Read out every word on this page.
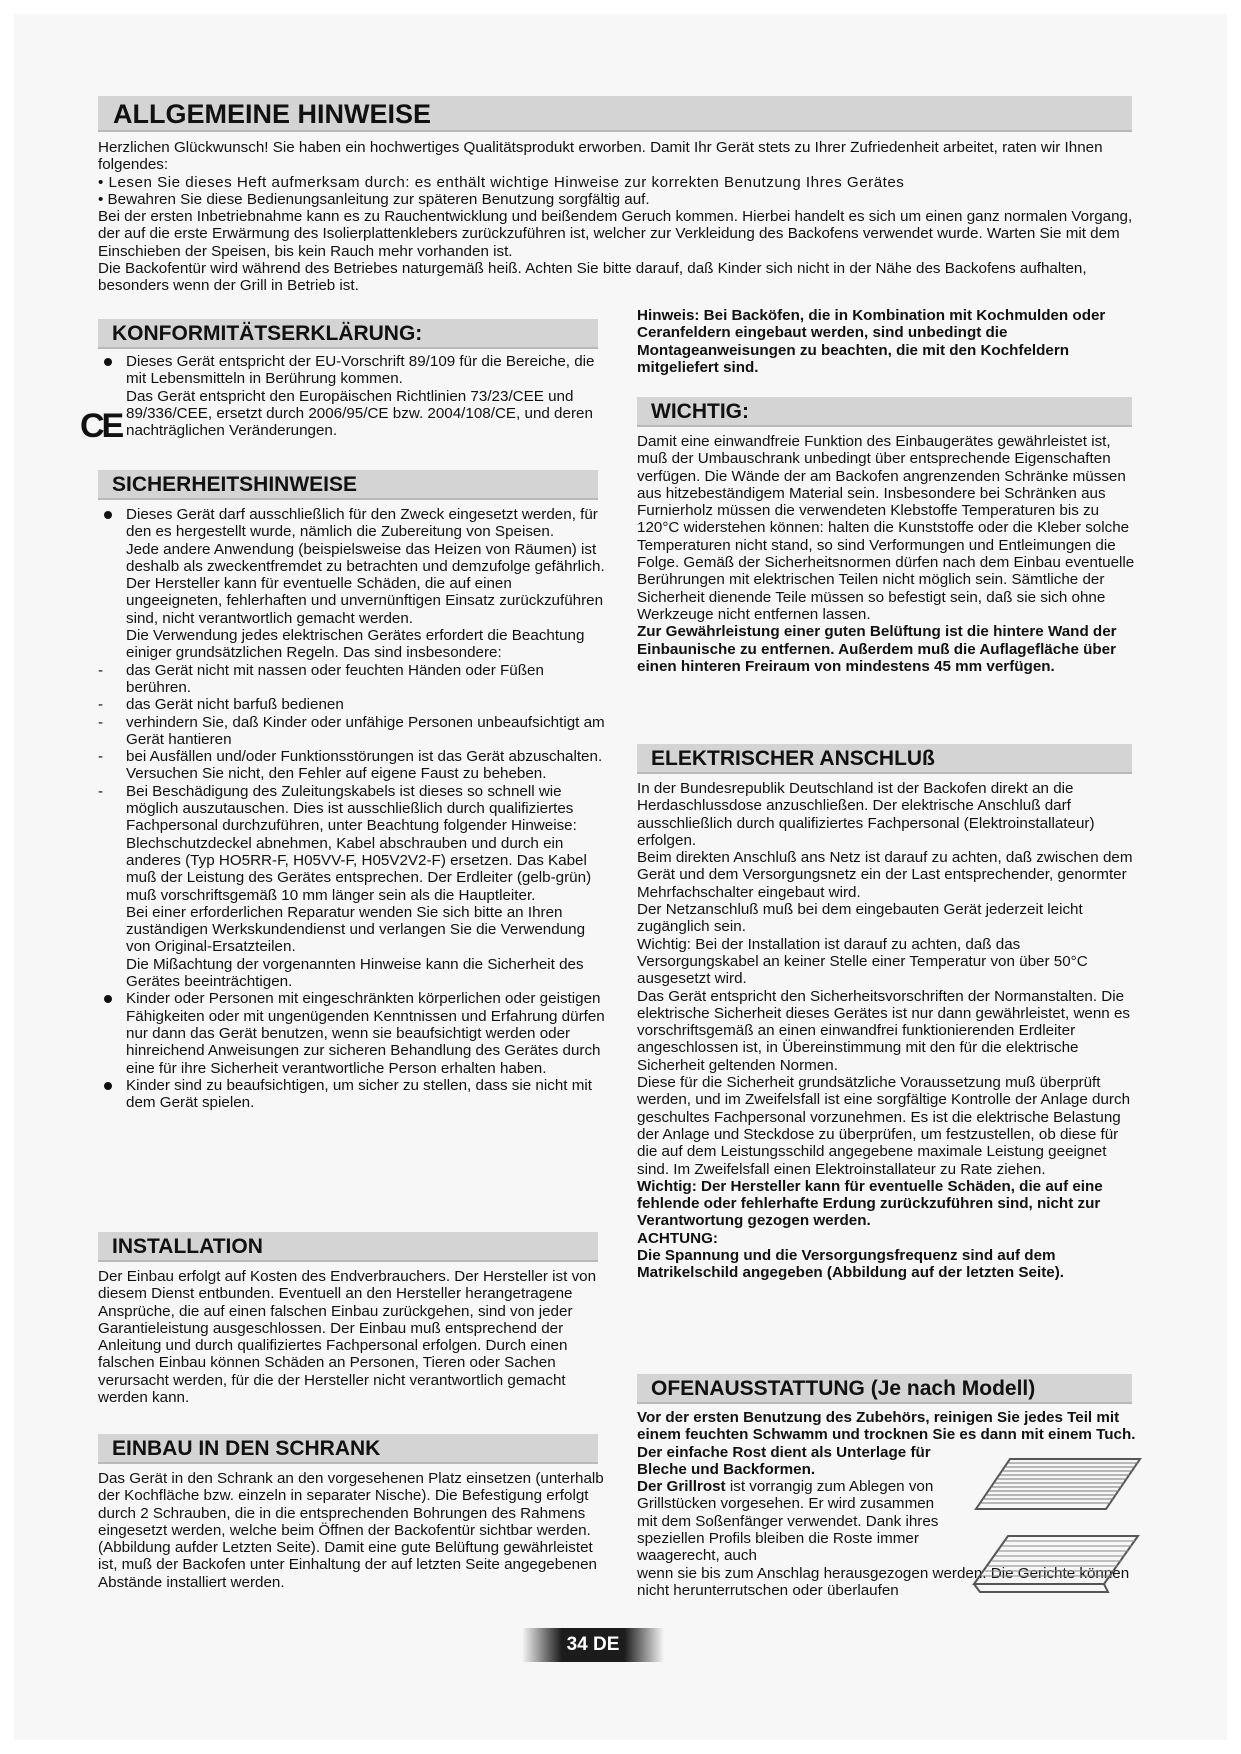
ALLGEMEINE HINWEISE

Herzlichen Glückwunsch! Sie haben ein hochwertiges Qualitätsprodukt erworben. Damit Ihr Gerät stets zu Ihrer Zufriedenheit arbeitet, raten wir Ihnen folgendes:

• Lesen Sie dieses Heft aufmerksam durch: es enthält wichtige Hinweise zur korrekten Benutzung Ihres Gerätes

• Bewahren Sie diese Bedienungsanleitung zur späteren Benutzung sorgfältig auf.

Bei der ersten Inbetriebnahme kann es zu Rauchentwicklung und beißendem Geruch kommen. Hierbei handelt es sich um einen ganz normalen Vorgang, der auf die erste Erwärmung des Isolierplattenklebers zurückzuführen ist, welcher zur Verkleidung des Backofens verwendet wurde. Warten Sie mit dem Einschieben der Speisen, bis kein Rauch mehr vorhanden ist.

Die Backofentür wird während des Betriebes naturgemäß heiß. Achten Sie bitte darauf, daß Kinder sich nicht in der Nähe des Backofens aufhalten, besonders wenn der Grill in Betrieb ist.

KONFORMITÄTSERKLÄRUNG:

Dieses Gerät entspricht der EU-Vorschrift 89/109 für die Bereiche, die mit Lebensmitteln in Berührung kommen.

Das Gerät entspricht den Europäischen Richtlinien 73/23/CEE und 89/336/CEE, ersetzt durch 2006/95/CE bzw. 2004/108/CE, und deren nachträglichen Veränderungen.

CE
SICHERHEITSHINWEISE

Dieses Gerät darf ausschließlich für den Zweck eingesetzt werden, für den es hergestellt wurde, nämlich die Zubereitung von Speisen.

Jede andere Anwendung (beispielsweise das Heizen von Räumen) ist deshalb als zweckentfremdet zu betrachten und demzufolge gefährlich. Der Hersteller kann für eventuelle Schäden, die auf einen ungeeigneten, fehlerhaften und unvernünftigen Einsatz zurückzuführen sind, nicht verantwortlich gemacht werden.

Die Verwendung jedes elektrischen Gerätes erfordert die Beachtung einiger grundsätzlichen Regeln. Das sind insbesondere:

- das Gerät nicht mit nassen oder feuchten Händen oder Füßen berühren.

- das Gerät nicht barfuß bedienen

- verhindern Sie, daß Kinder oder unfähige Personen unbeaufsichtigt am Gerät hantieren

- bei Ausfällen und/oder Funktionsstörungen ist das Gerät abzuschalten. Versuchen Sie nicht, den Fehler auf eigene Faust zu beheben.

- Bei Beschädigung des Zuleitungskabels ist dieses so schnell wie möglich auszutauschen. Dies ist ausschließlich durch qualifiziertes Fachpersonal durchzuführen, unter Beachtung folgender Hinweise: Blechschutzdeckel abnehmen, Kabel abschrauben und durch ein anderes (Typ HO5RR-F, H05VV-F, H05V2V2-F) ersetzen. Das Kabel muß der Leistung des Gerätes entsprechen. Der Erdleiter (gelb-grün) muß vorschriftsgemäß 10 mm länger sein als die Hauptleiter.

Bei einer erforderlichen Reparatur wenden Sie sich bitte an Ihren zuständigen Werkskundendienst und verlangen Sie die Verwendung von Original-Ersatzteilen.

Die Mißachtung der vorgenannten Hinweise kann die Sicherheit des Gerätes beeinträchtigen.

Kinder oder Personen mit eingeschränkten körperlichen oder geistigen Fähigkeiten oder mit ungenügenden Kenntnissen und Erfahrung dürfen nur dann das Gerät benutzen, wenn sie beaufsichtigt werden oder hinreichend Anweisungen zur sicheren Behandlung des Gerätes durch eine für ihre Sicherheit verantwortliche Person erhalten haben.

Kinder sind zu beaufsichtigen, um sicher zu stellen, dass sie nicht mit dem Gerät spielen.

INSTALLATION

Der Einbau erfolgt auf Kosten des Endverbrauchers. Der Hersteller ist von diesem Dienst entbunden. Eventuell an den Hersteller herangetragene Ansprüche, die auf einen falschen Einbau zurückgehen, sind von jeder Garantieleistung ausgeschlossen. Der Einbau muß entsprechend der Anleitung und durch qualifiziertes Fachpersonal erfolgen. Durch einen falschen Einbau können Schäden an Personen, Tieren oder Sachen verursacht werden, für die der Hersteller nicht verantwortlich gemacht werden kann.

EINBAU IN DEN SCHRANK

Das Gerät in den Schrank an den vorgesehenen Platz einsetzen (unterhalb der Kochfläche bzw. einzeln in separater Nische). Die Befestigung erfolgt durch 2 Schrauben, die in die entsprechenden Bohrungen des Rahmens eingesetzt werden, welche beim Öffnen der Backofentür sichtbar werden.(Abbildung aufder Letzten Seite). Damit eine gute Belüftung gewährleistet ist, muß der Backofen unter Einhaltung der auf letzten Seite angegebenen Abstände installiert werden.

Hinweis: Bei Backöfen, die in Kombination mit Kochmulden oder Ceranfeldern eingebaut werden, sind unbedingt die Montageanweisungen zu beachten, die mit den Kochfeldern mitgeliefert sind.
WICHTIG:

Damit eine einwandfreie Funktion des Einbaugerätes gewährleistet ist, muß der Umbauschrank unbedingt über entsprechende Eigenschaften verfügen. Die Wände der am Backofen angrenzenden Schränke müssen aus hitzebeständigem Material sein. Insbesondere bei Schränken aus Furnierholz müssen die verwendeten Klebstoffe Temperaturen bis zu 120°C widerstehen können: halten die Kunststoffe oder die Kleber solche Temperaturen nicht stand, so sind Verformungen und Entleimungen die Folge. Gemäß der Sicherheitsnormen dürfen nach dem Einbau eventuelle Berührungen mit elektrischen Teilen nicht möglich sein. Sämtliche der Sicherheit dienende Teile müssen so befestigt sein, daß sie sich ohne Werkzeuge nicht entfernen lassen.

Zur Gewährleistung einer guten Belüftung ist die hintere Wand der Einbaunische zu entfernen. Außerdem muß die Auflagefläche über einen hinteren Freiraum von mindestens 45 mm verfügen.

ELEKTRISCHER ANSCHLUß

In der Bundesrepublik Deutschland ist der Backofen direkt an die Herdaschlussdose anzuschließen. Der elektrische Anschluß darf ausschließlich durch qualifiziertes Fachpersonal (Elektroinstallateur) erfolgen.

Beim direkten Anschluß ans Netz ist darauf zu achten, daß zwischen dem Gerät und dem Versorgungsnetz ein der Last entsprechender, genormter Mehrfachschalter eingebaut wird.

Der Netzanschluß muß bei dem eingebauten Gerät jederzeit leicht zugänglich sein.

Wichtig: Bei der Installation ist darauf zu achten, daß das Versorgungskabel an keiner Stelle einer Temperatur von über 50°C ausgesetzt wird.

Das Gerät entspricht den Sicherheitsvorschriften der Normanstalten. Die elektrische Sicherheit dieses Gerätes ist nur dann gewährleistet, wenn es vorschriftsgemäß an einen einwandfrei funktionierenden Erdleiter angeschlossen ist, in Übereinstimmung mit den für die elektrische Sicherheit geltenden Normen.

Diese für die Sicherheit grundsätzliche Voraussetzung muß überprüft werden, und im Zweifelsfall ist eine sorgfältige Kontrolle der Anlage durch geschultes Fachpersonal vorzunehmen. Es ist die elektrische Belastung der Anlage und Steckdose zu überprüfen, um festzustellen, ob diese für die auf dem Leistungsschild angegebene maximale Leistung geeignet sind. Im Zweifelsfall einen Elektroinstallateur zu Rate ziehen.

Wichtig: Der Hersteller kann für eventuelle Schäden, die auf eine fehlende oder fehlerhafte Erdung zurückzuführen sind, nicht zur Verantwortung gezogen werden.

ACHTUNG:

Die Spannung und die Versorgungsfrequenz sind auf dem Matrikelschild angegeben (Abbildung auf der letzten Seite).

OFENAUSSTATTUNG (Je nach Modell)

Vor der ersten Benutzung des Zubehörs, reinigen Sie jedes Teil mit einem feuchten Schwamm und trocknen Sie es dann mit einem Tuch.

Der einfache Rost dient als Unterlage für Bleche und Backformen.

Der Grillrost ist vorrangig zum Ablegen von Grillstücken vorgesehen. Er wird zusammen mit dem Soßenfänger verwendet. Dank ihres speziellen Profils bleiben die Roste immer waagerecht, auch

wenn sie bis zum Anschlag herausgezogen werden. Die Gerichte können nicht herunterrutschen oder überlaufen

34 DE
